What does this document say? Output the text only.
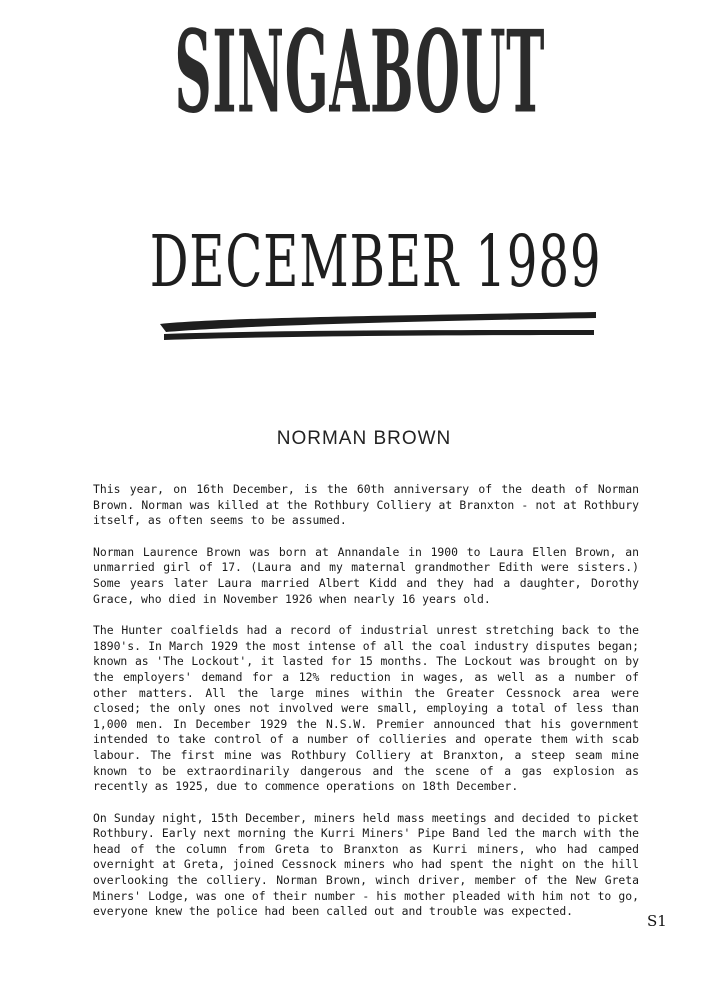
SINGABOUT
DECEMBER 1989
NORMAN BROWN

This year, on 16th December, is the 60th anniversary of the death of Norman Brown. Norman was killed at the Rothbury Colliery at Branxton - not at Rothbury itself, as often seems to be assumed.

Norman Laurence Brown was born at Annandale in 1900 to Laura Ellen Brown, an unmarried girl of 17. (Laura and my maternal grandmother Edith were sisters.) Some years later Laura married Albert Kidd and they had a daughter, Dorothy Grace, who died in November 1926 when nearly 16 years old.

The Hunter coalfields had a record of industrial unrest stretching back to the 1890's. In March 1929 the most intense of all the coal industry disputes began; known as 'The Lockout', it lasted for 15 months. The Lockout was brought on by the employers' demand for a 12% reduction in wages, as well as a number of other matters. All the large mines within the Greater Cessnock area were closed; the only ones not involved were small, employing a total of less than 1,000 men. In December 1929 the N.S.W. Premier announced that his government intended to take control of a number of collieries and operate them with scab labour. The first mine was Rothbury Colliery at Branxton, a steep seam mine known to be extraordinarily dangerous and the scene of a gas explosion as recently as 1925, due to commence operations on 18th December.

On Sunday night, 15th December, miners held mass meetings and decided to picket Rothbury. Early next morning the Kurri Miners' Pipe Band led the march with the head of the column from Greta to Branxton as Kurri miners, who had camped overnight at Greta, joined Cessnock miners who had spent the night on the hill overlooking the colliery. Norman Brown, winch driver, member of the New Greta Miners' Lodge, was one of their number - his mother pleaded with him not to go, everyone knew the police had been called out and trouble was expected.

S1
